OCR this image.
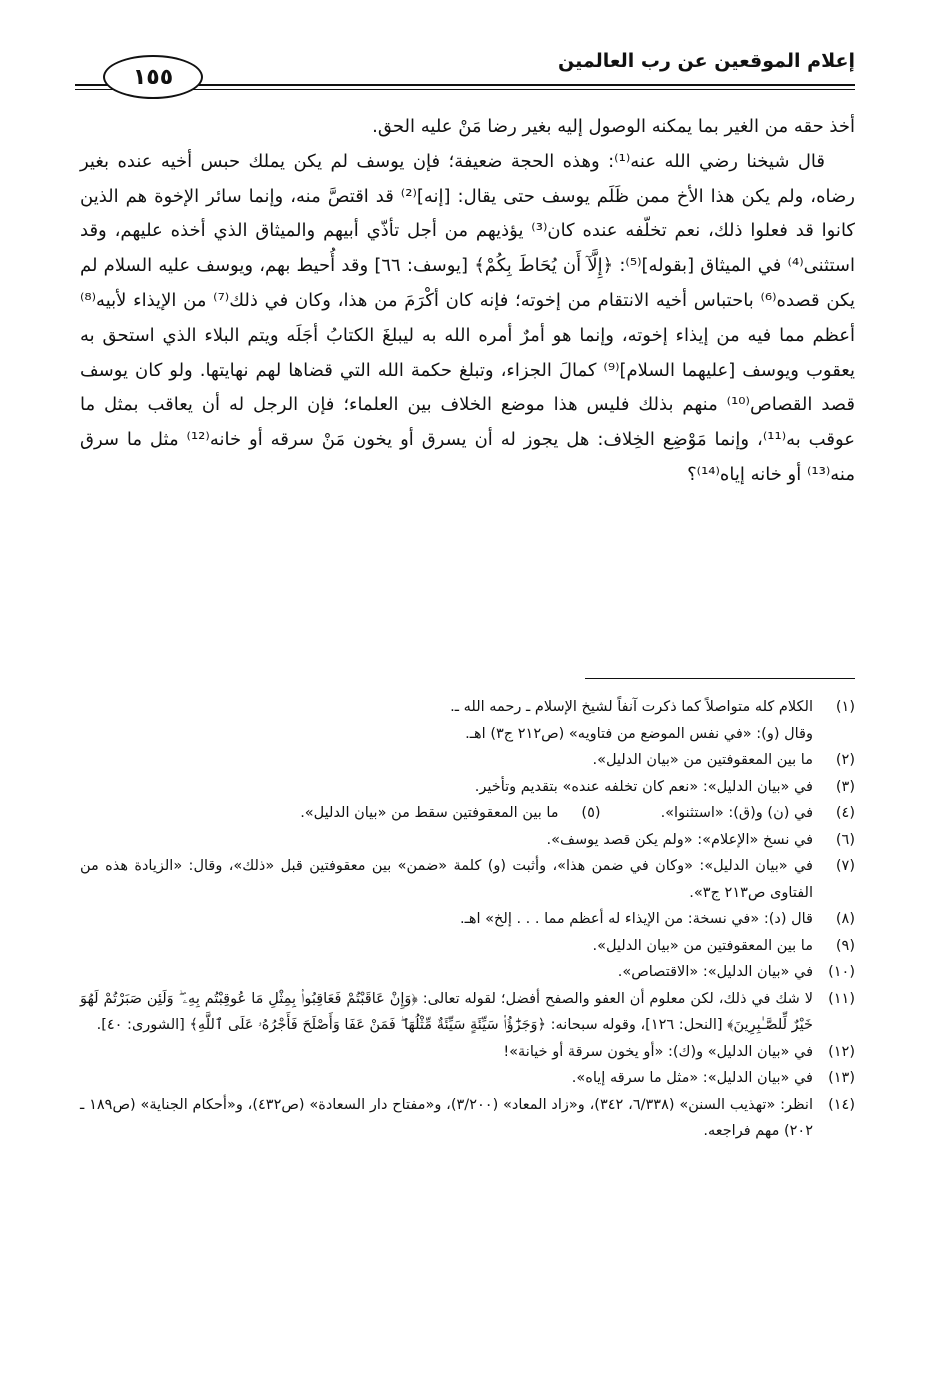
إعلام الموقعين عن رب العالمين
١٥٥

أخذ حقه من الغير بما يمكنه الوصول إليه بغير رضا مَنْ عليه الحق.

قال شيخنا رضي الله عنه⁽¹⁾: وهذه الحجة ضعيفة؛ فإن يوسف لم يكن يملك حبس أخيه عنده بغير رضاه، ولم يكن هذا الأخ ممن ظَلَم يوسف حتى يقال: [إنه]⁽²⁾ قد اقتصَّ منه، وإنما سائر الإخوة هم الذين كانوا قد فعلوا ذلك، نعم تخلّفه عنده كان⁽³⁾ يؤذيهم من أجل تأذّي أبيهم والميثاق الذي أخذه عليهم، وقد استثنى⁽⁴⁾ في الميثاق [بقوله]⁽⁵⁾: ﴿إِلَّآ أَن يُحَاطَ بِكُمْ﴾ [يوسف: ٦٦] وقد أُحيط بهم، ويوسف عليه السلام لم يكن قصده⁽⁶⁾ باحتباس أخيه الانتقام من إخوته؛ فإنه كان أكْرَمَ من هذا، وكان في ذلك⁽⁷⁾ من الإيذاء لأبيه⁽⁸⁾ أعظم مما فيه من إيذاء إخوته، وإنما هو أمرٌ أمره الله به ليبلغَ الكتابُ أجَلَه ويتم البلاء الذي استحق به يعقوب ويوسف [عليهما السلام]⁽⁹⁾ كمالَ الجزاء، وتبلغ حكمة الله التي قضاها لهم نهايتها. ولو كان يوسف قصد القصاص⁽¹⁰⁾ منهم بذلك فليس هذا موضع الخلاف بين العلماء؛ فإن الرجل له أن يعاقب بمثل ما عوقب به⁽¹¹⁾، وإنما مَوْضِع الخِلاف: هل يجوز له أن يسرق أو يخون مَنْ سرقه أو خانه⁽¹²⁾ مثل ما سرق منه⁽¹³⁾ أو خانه إياه⁽¹⁴⁾؟

(١)
الكلام كله متواصلاً كما ذكرت آنفاً لشيخ الإسلام ـ رحمه الله ـ.
وقال (و): «في نفس الموضع من فتاويه» (ص٢١٢ ج٣) اهـ.
(٢)
ما بين المعقوفتين من «بيان الدليل».
(٣)
في «بيان الدليل»: «نعم كان تخلفه عنده» بتقديم وتأخير.
(٤)
في (ن) و(ق): «استثنوا».
(٥)
ما بين المعقوفتين سقط من «بيان الدليل».
(٦)
في نسخ «الإعلام»: «ولم يكن قصد يوسف».
(٧)
في «بيان الدليل»: «وكان في ضمن هذا»، وأثبت (و) كلمة «ضمن» بين معقوفتين قبل «ذلك»، وقال: «الزيادة هذه من الفتاوى ص٢١٣ ج٣».
(٨)
قال (د): «في نسخة: من الإيذاء له أعظم مما . . . إلخ» اهـ.
(٩)
ما بين المعقوفتين من «بيان الدليل».
(١٠)
في «بيان الدليل»: «الاقتصاص».
(١١)
لا شك في ذلك، لكن معلوم أن العفو والصفح أفضل؛ لقوله تعالى: ﴿وَإِنْ عَاقَبْتُمْ فَعَاقِبُوا۟ بِمِثْلِ مَا عُوقِبْتُم بِهِۦ ۖ وَلَئِن صَبَرْتُمْ لَهُوَ خَيْرٌ لِّلصَّـٰبِرِينَ﴾ [النحل: ١٢٦]، وقوله سبحانه: ﴿وَجَزَٰٓؤُا۟ سَيِّئَةٍ سَيِّئَةٌ مِّثْلُهَا ۖ فَمَنْ عَفَا وَأَصْلَحَ فَأَجْرُهُۥ عَلَى ٱللَّهِ﴾ [الشورى: ٤٠].
(١٢)
في «بيان الدليل» و(ك): «أو يخون سرقة أو خيانة»!
(١٣)
في «بيان الدليل»: «مثل ما سرقه إياه».
(١٤)
انظر: «تهذيب السنن» (٦/٣٣٨، ٣٤٢)، و«زاد المعاد» (٣/٢٠٠)، و«مفتاح دار السعادة» (ص٤٣٢)، و«أحكام الجناية» (ص١٨٩ ـ ٢٠٢) مهم فراجعه.
